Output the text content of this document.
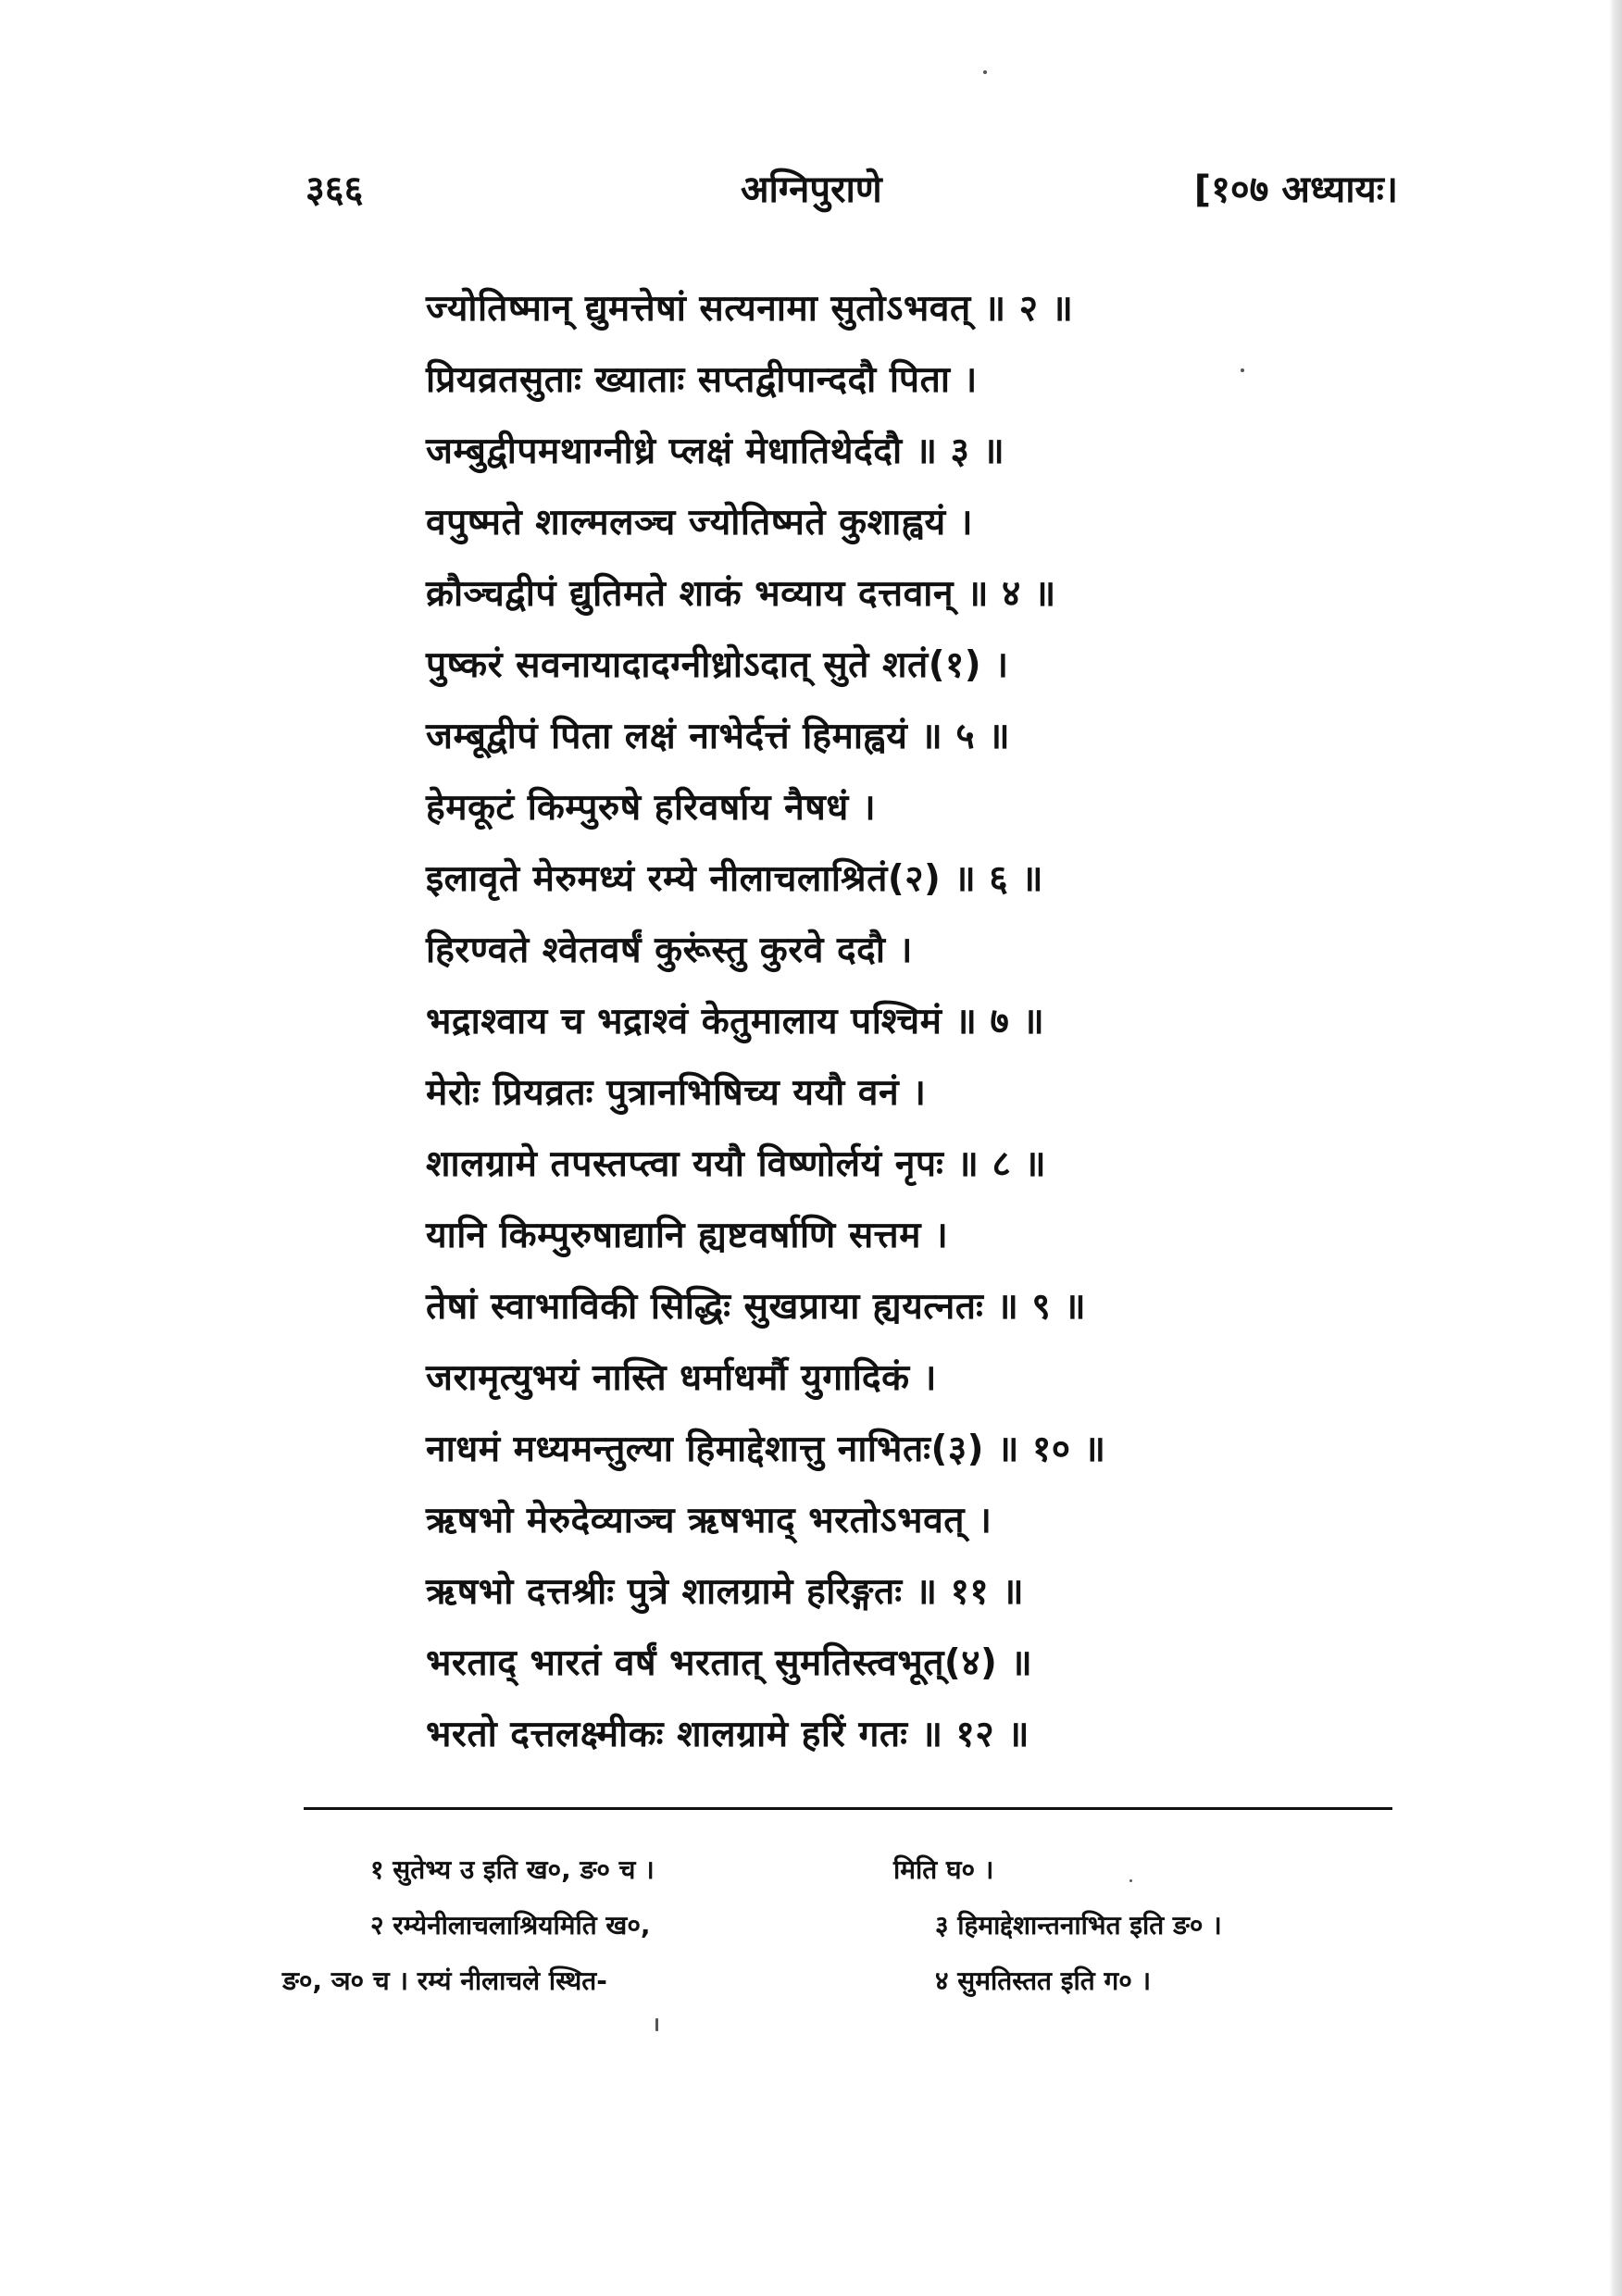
३६६	अग्निपुराणे	[१०७ अध्यायः।
ज्योतिष्मान् द्युमत्तेषां सत्यनामा सुतोऽभवत् ॥ २ ॥
प्रियव्रतसुताः ख्याताः सप्तद्वीपान्ददौ पिता ।
जम्बुद्वीपमथाग्नीध्रे प्लक्षं मेधातिथेर्ददौ ॥ ३ ॥
वपुष्मते शाल्मलञ्च ज्योतिष्मते कुशाह्वयं ।
क्रौञ्चद्वीपं द्युतिमते शाकं भव्याय दत्तवान् ॥ ४ ॥
पुष्करं सवनायादादग्नीध्रोऽदात् सुते शतं(१) ।
जम्बूद्वीपं पिता लक्षं नाभेर्दत्तं हिमाह्वयं ॥ ५ ॥
हेमकूटं किम्पुरुषे हरिवर्षाय नैषधं ।
इलावृते मेरुमध्यं रम्ये नीलाचलाश्रितं(२) ॥ ६ ॥
हिरण्वते श्वेतवर्षं कुरूंस्तु कुरवे ददौ ।
भद्राश्वाय च भद्राश्वं केतुमालाय पश्चिमं ॥ ७ ॥
मेरोः प्रियव्रतः पुत्रानभिषिच्य ययौ वनं ।
शालग्रामे तपस्तप्त्वा ययौ विष्णोर्लयं नृपः ॥ ८ ॥
यानि किम्पुरुषाद्यानि ह्यष्टवर्षाणि सत्तम ।
तेषां स्वाभाविकी सिद्धिः सुखप्राया ह्ययत्नतः ॥ ९ ॥
जरामृत्युभयं नास्ति धर्माधर्मौ युगादिकं ।
नाधमं मध्यमन्तुल्या हिमाद्देशात्तु नाभितः(३) ॥ १० ॥
ऋषभो मेरुदेव्याञ्च ऋषभाद् भरतोऽभवत् ।
ऋषभो दत्तश्रीः पुत्रे शालग्रामे हरिङ्गतः ॥ ११ ॥
भरताद् भारतं वर्षं भरतात् सुमतिस्त्वभूत्(४) ॥
भरतो दत्तलक्ष्मीकः शालग्रामे हरिं गतः ॥ १२ ॥
१ सुतेभ्य उ इति ख०, ङ० च ।
२ रम्येनीलाचलाश्रियमिति ख०,
ङ०, ञ० च । रम्यं नीलाचले स्थित-
मिति घ० ।
३ हिमाद्देशान्तनाभित इति ङ० ।
४ सुमतिस्तत इति ग० ।
